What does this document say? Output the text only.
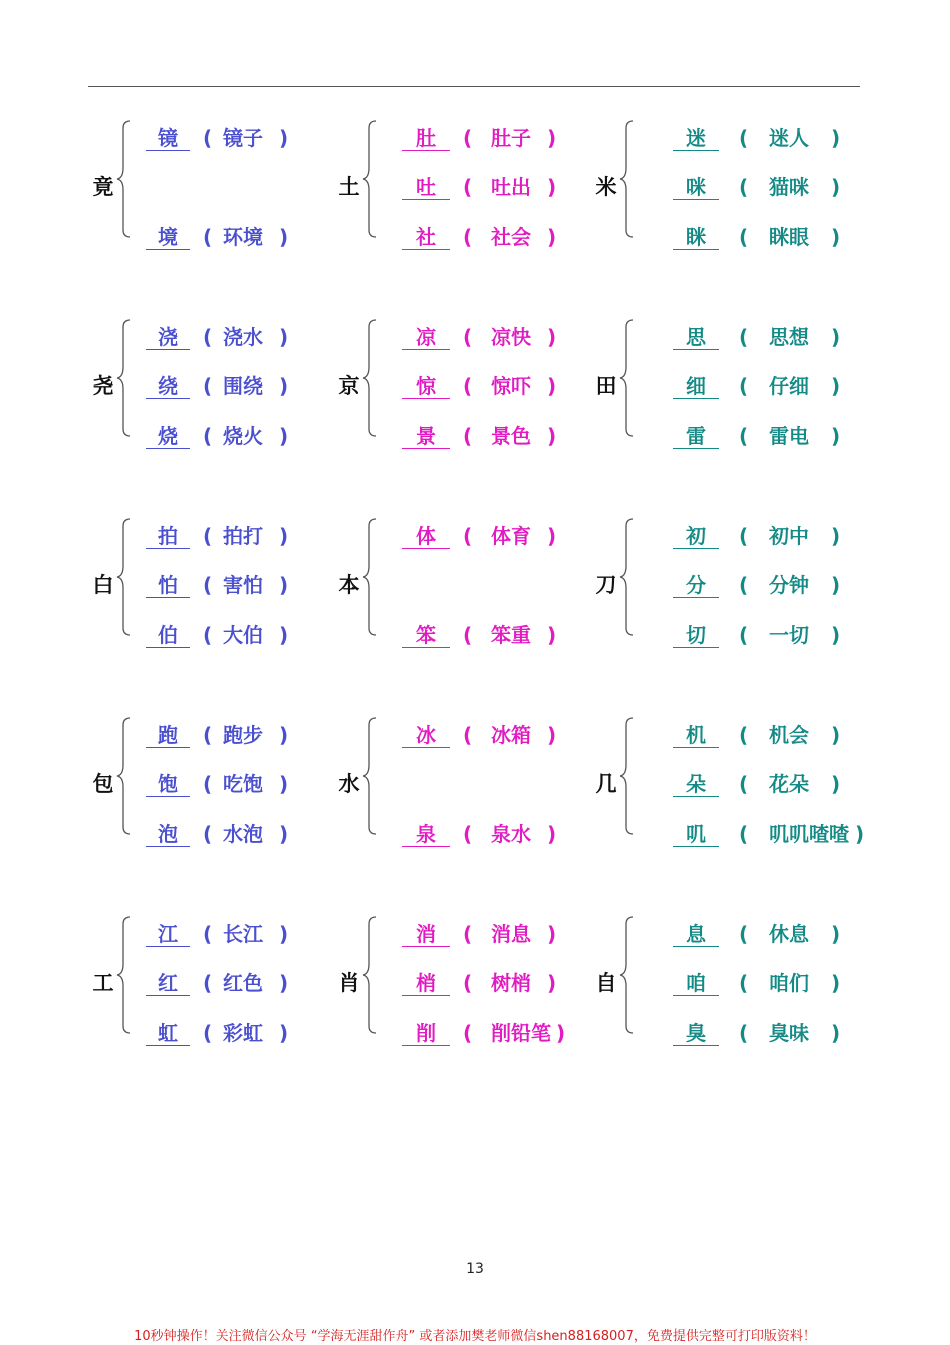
竟
镜	( 镜子 )
境	( 环境 )
土
肚	( 肚子 )
吐	( 吐出 )
社	( 社会 )
米
迷	( 迷人 )
咪	( 猫咪 )
眯	( 眯眼 )
尧
浇	( 浇水 )
绕	( 围绕 )
烧	( 烧火 )
京
凉	( 凉快 )
惊	( 惊吓 )
景	( 景色 )
田
思	( 思想 )
细	( 仔细 )
雷	( 雷电 )
白
拍	( 拍打 )
怕	( 害怕 )
伯	( 大伯 )
本
体	( 体育 )
笨	( 笨重 )
刀
初	( 初中 )
分	( 分钟 )
切	( 一切 )
包
跑	( 跑步 )
饱	( 吃饱 )
泡	( 水泡 )
水
冰	( 冰箱 )
泉	( 泉水 )
几
机	( 机会 )
朵	( 花朵 )
叽	( 叽叽喳喳 )
工
江	( 长江 )
红	( 红色 )
虹	( 彩虹 )
肖
消	( 消息 )
梢	( 树梢 )
削	( 削铅笔 )
自
息	( 休息 )
咱	( 咱们 )
臭	( 臭味 )
13
10秒钟操作！关注微信公众号 “学海无涯甜作舟” 或者添加樊老师微信shen88168007，免费提供完整可打印版资料！
